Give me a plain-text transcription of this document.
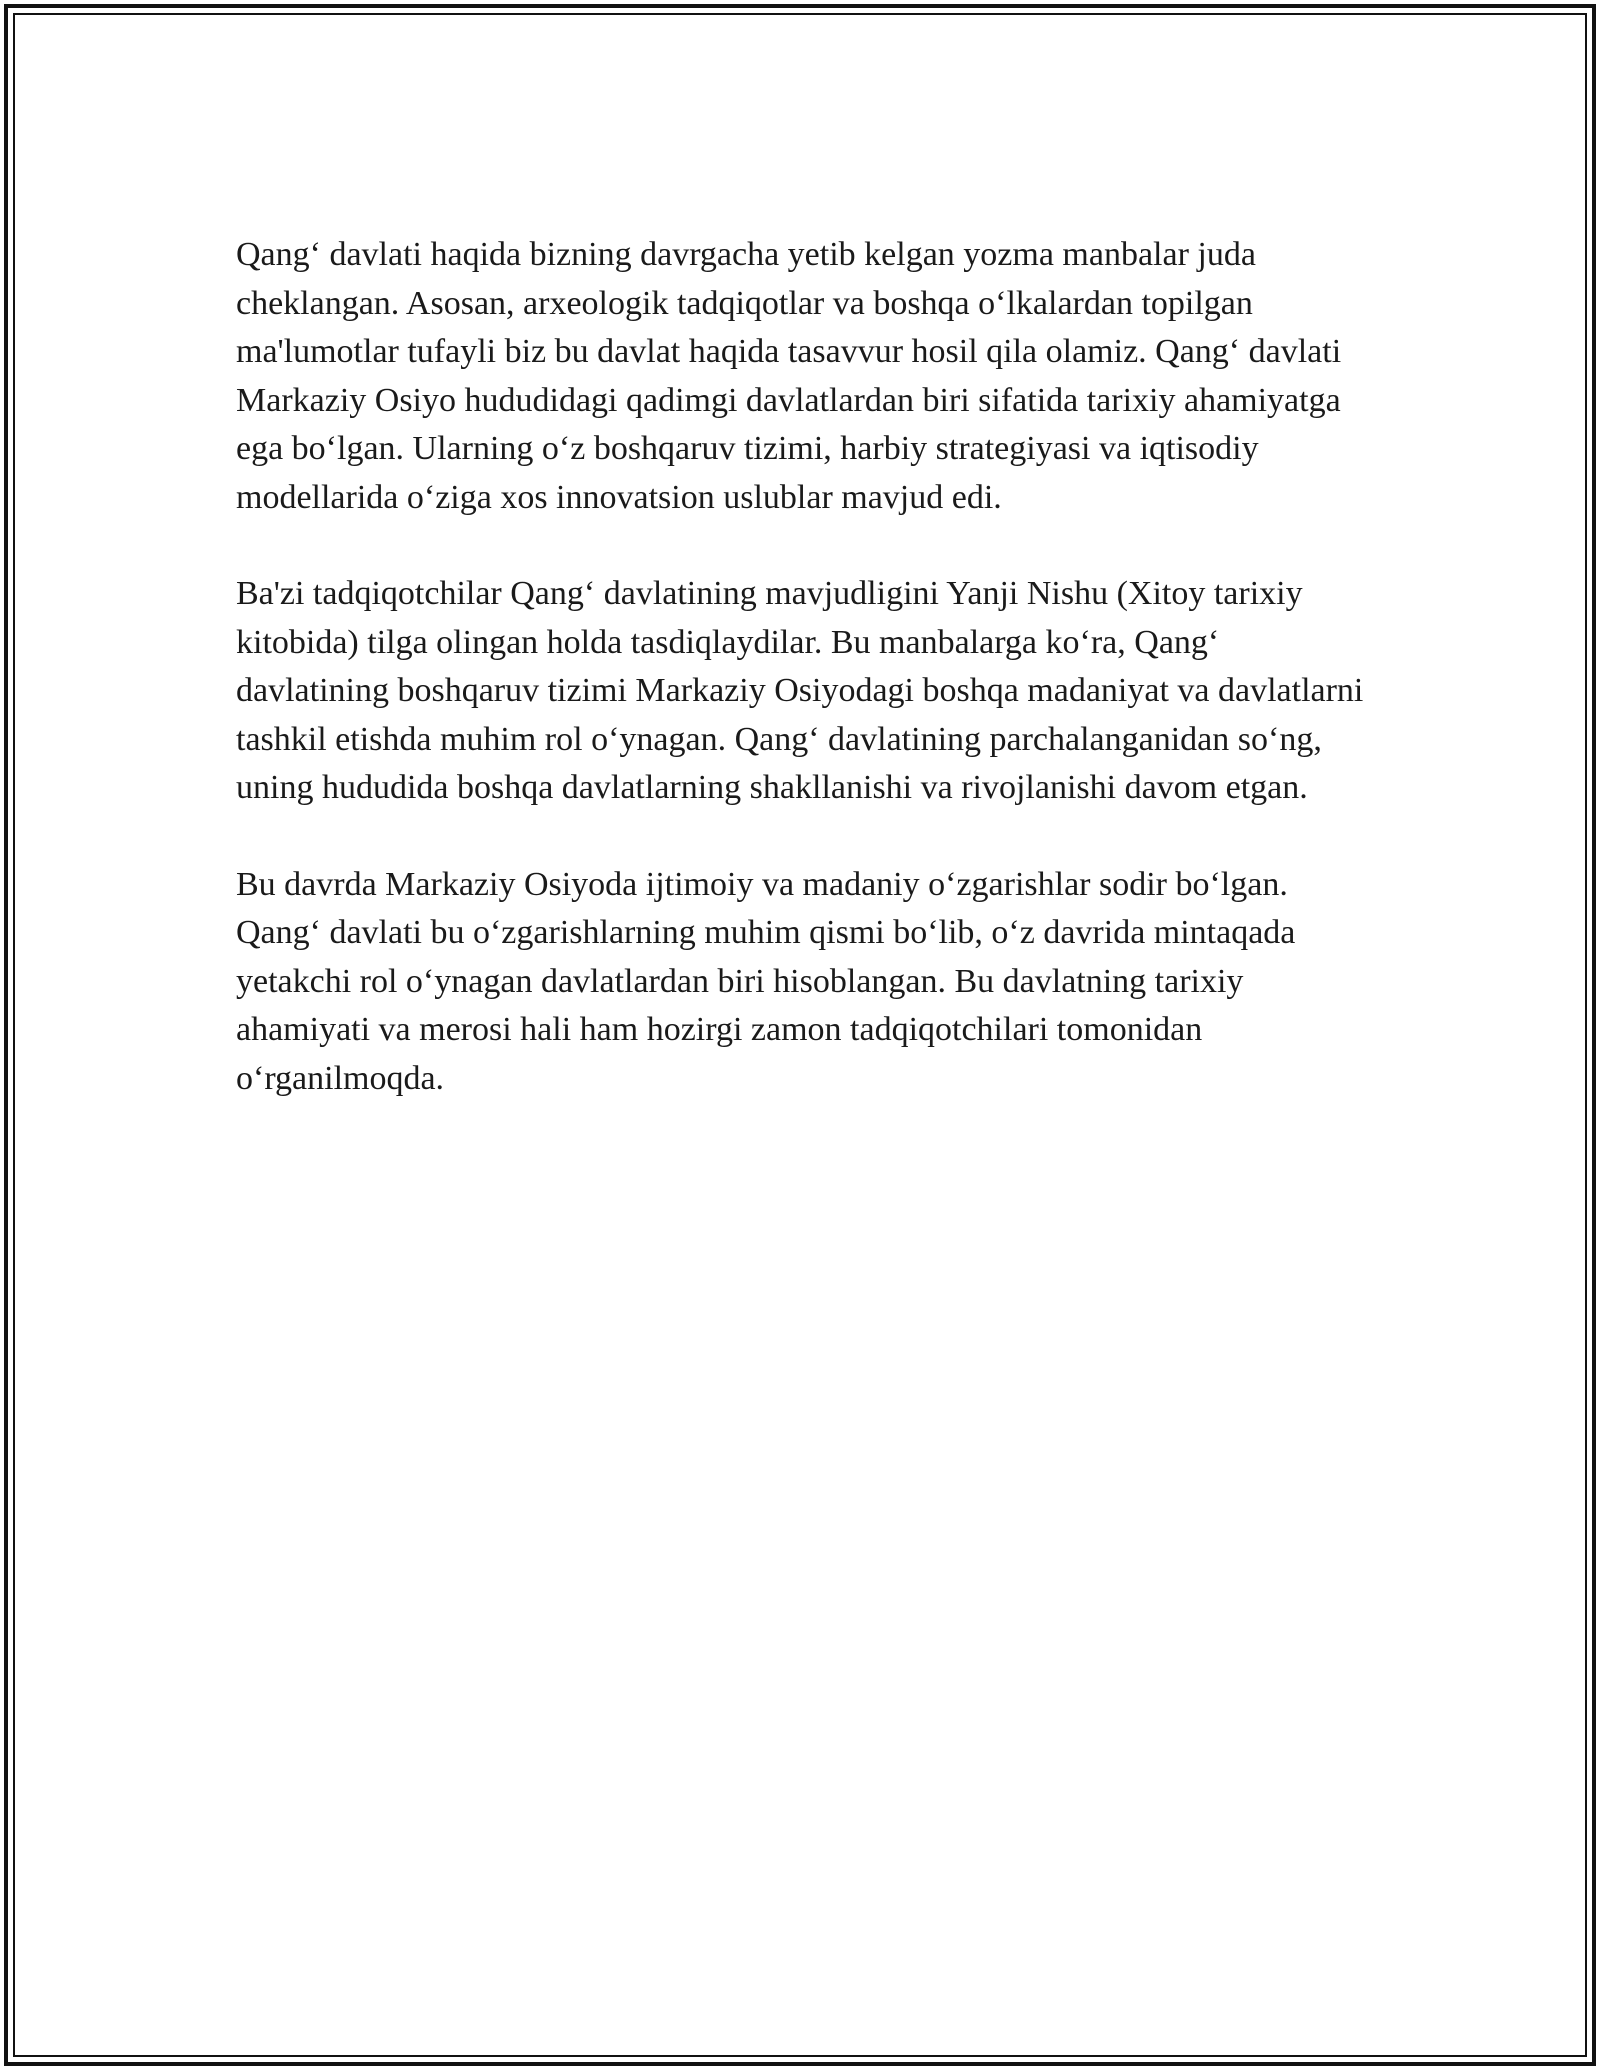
Qang‘ davlati haqida bizning davrgacha yetib kelgan yozma manbalar juda cheklangan. Asosan, arxeologik tadqiqotlar va boshqa o‘lkalardan topilgan ma'lumotlar tufayli biz bu davlat haqida tasavvur hosil qila olamiz. Qang‘ davlati Markaziy Osiyo hududidagi qadimgi davlatlardan biri sifatida tarixiy ahamiyatga ega bo‘lgan. Ularning o‘z boshqaruv tizimi, harbiy strategiyasi va iqtisodiy modellarida o‘ziga xos innovatsion uslublar mavjud edi.

Ba'zi tadqiqotchilar Qang‘ davlatining mavjudligini Yanji Nishu (Xitoy tarixiy kitobida) tilga olingan holda tasdiqlaydilar. Bu manbalarga ko‘ra, Qang‘ davlatining boshqaruv tizimi Markaziy Osiyodagi boshqa madaniyat va davlatlarni tashkil etishda muhim rol o‘ynagan. Qang‘ davlatining parchalanganidan so‘ng, uning hududida boshqa davlatlarning shakllanishi va rivojlanishi davom etgan.

Bu davrda Markaziy Osiyoda ijtimoiy va madaniy o‘zgarishlar sodir bo‘lgan. Qang‘ davlati bu o‘zgarishlarning muhim qismi bo‘lib, o‘z davrida mintaqada yetakchi rol o‘ynagan davlatlardan biri hisoblangan. Bu davlatning tarixiy ahamiyati va merosi hali ham hozirgi zamon tadqiqotchilari tomonidan o‘rganilmoqda.
